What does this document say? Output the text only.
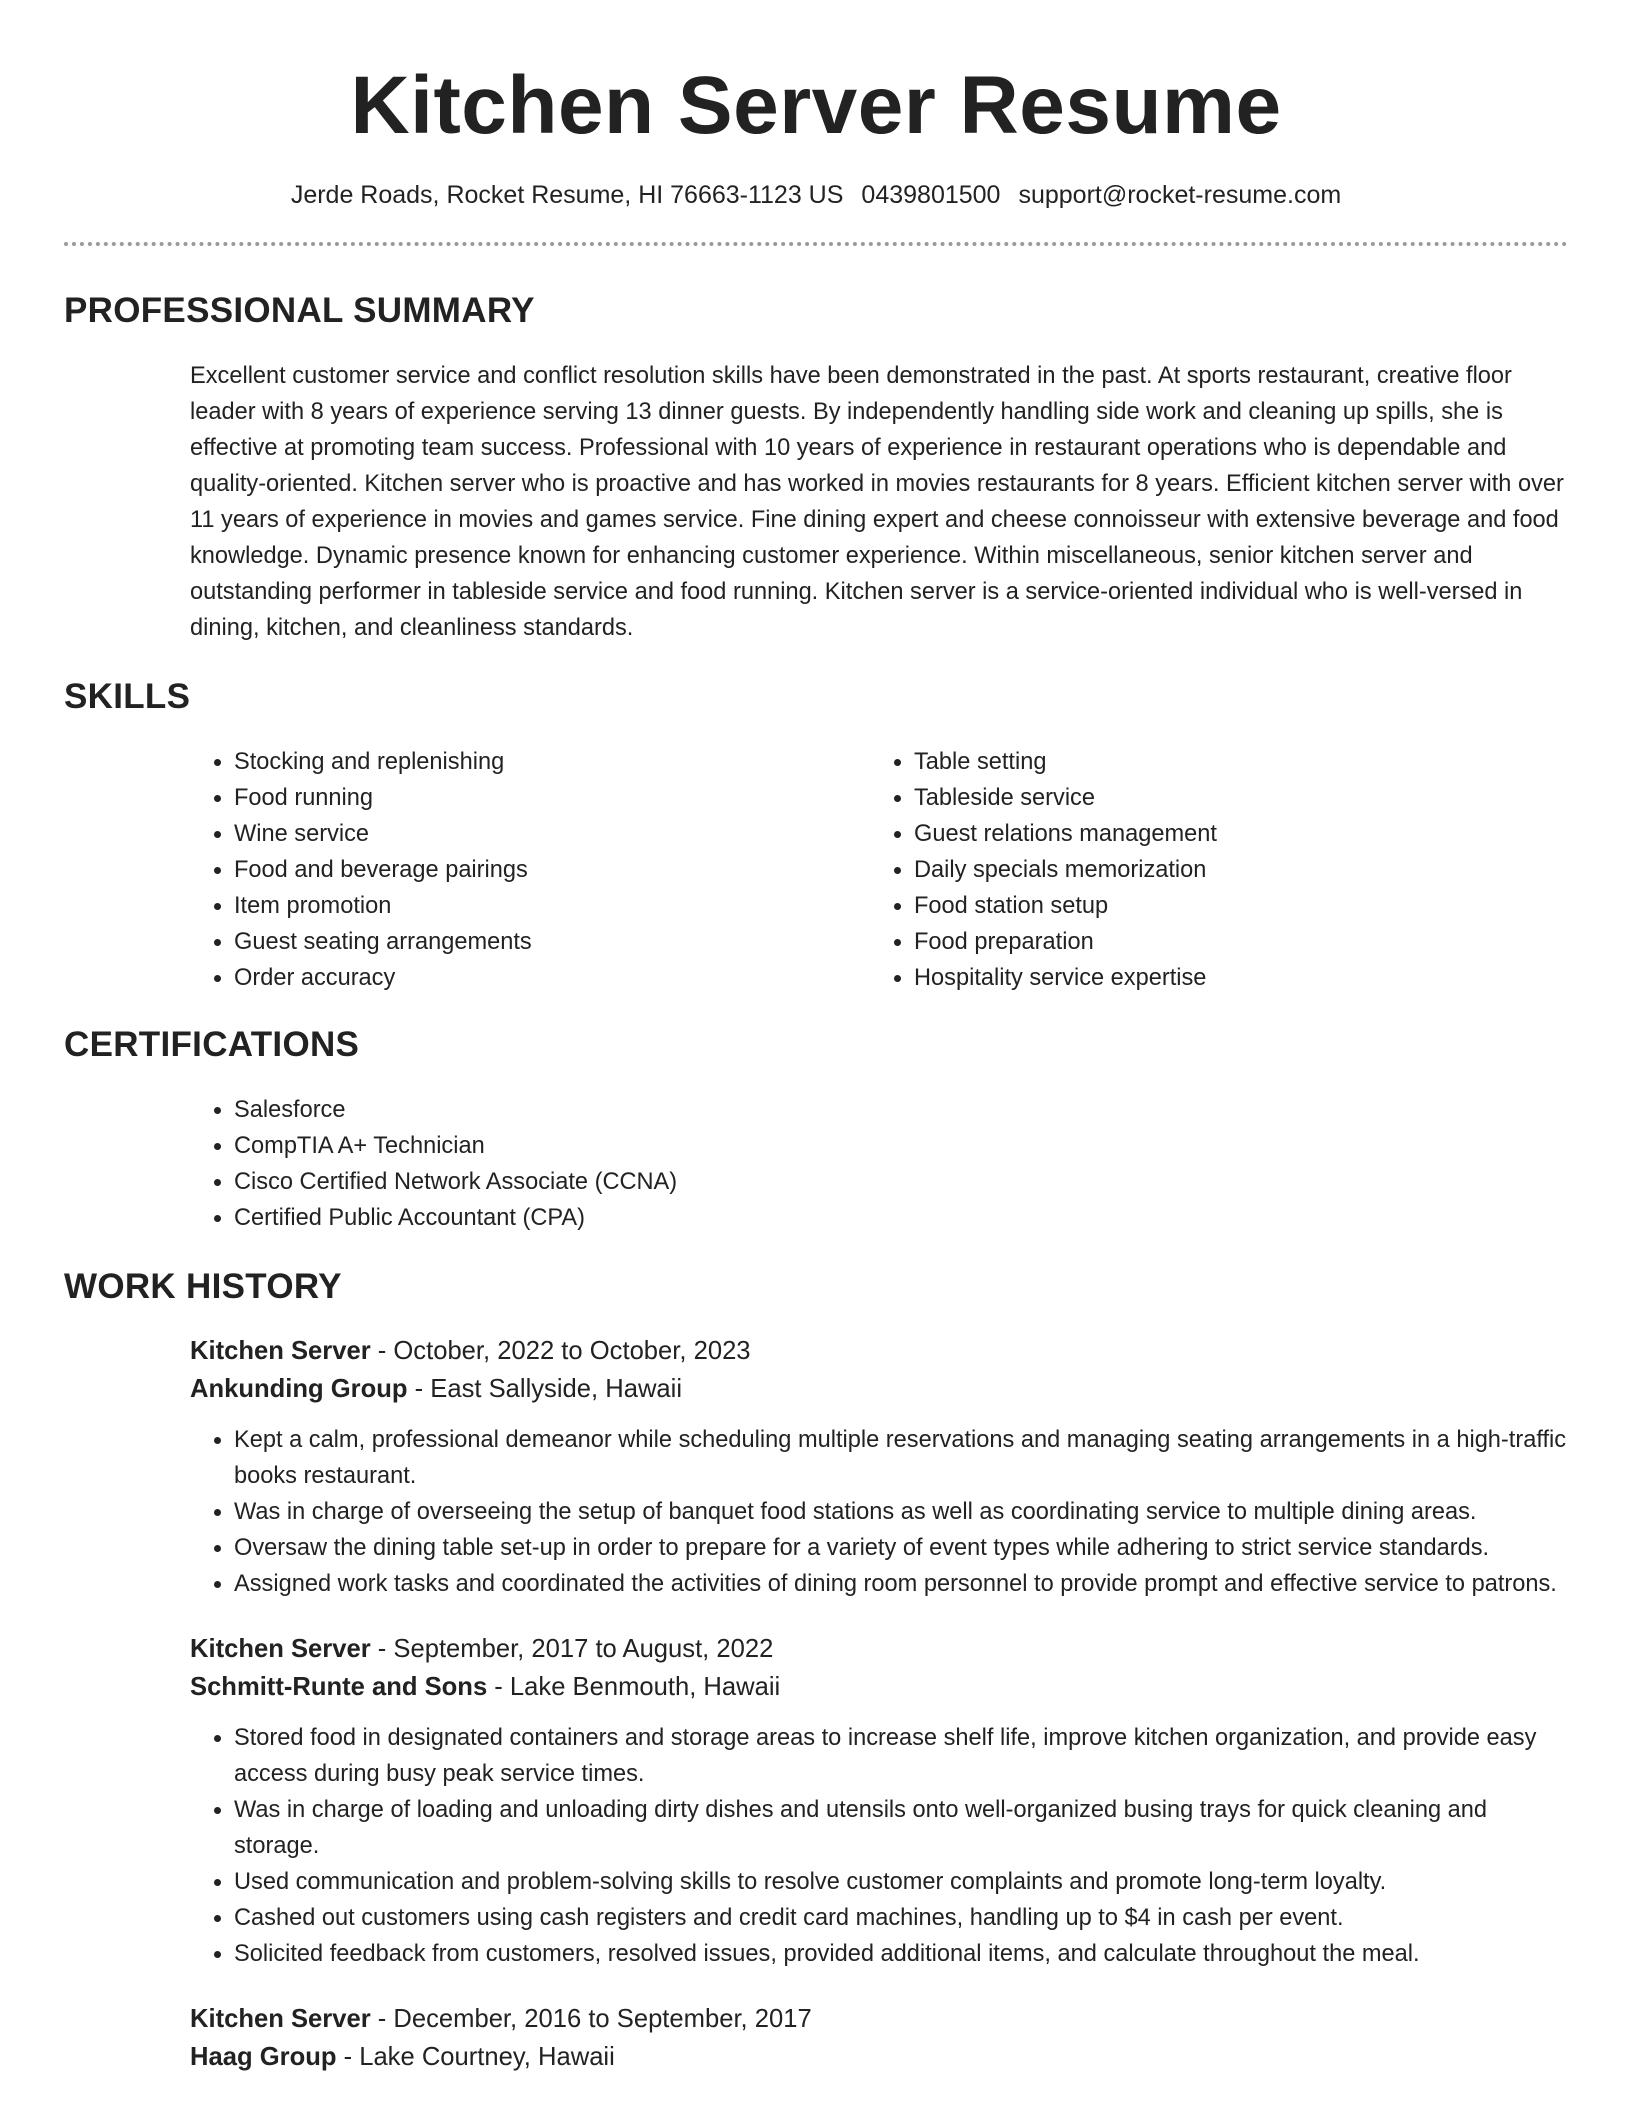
Kitchen Server Resume
Jerde Roads, Rocket Resume, HI 76663-1123 US 0439801500 support@rocket-resume.com
PROFESSIONAL SUMMARY

Excellent customer service and conflict resolution skills have been demonstrated in the past. At sports restaurant, creative floor leader with 8 years of experience serving 13 dinner guests. By independently handling side work and cleaning up spills, she is effective at promoting team success. Professional with 10 years of experience in restaurant operations who is dependable and quality-oriented. Kitchen server who is proactive and has worked in movies restaurants for 8 years. Efficient kitchen server with over 11 years of experience in movies and games service. Fine dining expert and cheese connoisseur with extensive beverage and food knowledge. Dynamic presence known for enhancing customer experience. Within miscellaneous, senior kitchen server and outstanding performer in tableside service and food running. Kitchen server is a service-oriented individual who is well-versed in dining, kitchen, and cleanliness standards.

SKILLS
• Stocking and replenishing
• Food running
• Wine service
• Food and beverage pairings
• Item promotion
• Guest seating arrangements
• Order accuracy
• Table setting
• Tableside service
• Guest relations management
• Daily specials memorization
• Food station setup
• Food preparation
• Hospitality service expertise
CERTIFICATIONS
• Salesforce
• CompTIA A+ Technician
• Cisco Certified Network Associate (CCNA)
• Certified Public Accountant (CPA)
WORK HISTORY
Kitchen Server - October, 2022 to October, 2023
Ankunding Group - East Sallyside, Hawaii
• Kept a calm, professional demeanor while scheduling multiple reservations and managing seating arrangements in a high-traffic books restaurant.
• Was in charge of overseeing the setup of banquet food stations as well as coordinating service to multiple dining areas.
• Oversaw the dining table set-up in order to prepare for a variety of event types while adhering to strict service standards.
• Assigned work tasks and coordinated the activities of dining room personnel to provide prompt and effective service to patrons.
Kitchen Server - September, 2017 to August, 2022
Schmitt-Runte and Sons - Lake Benmouth, Hawaii
• Stored food in designated containers and storage areas to increase shelf life, improve kitchen organization, and provide easy access during busy peak service times.
• Was in charge of loading and unloading dirty dishes and utensils onto well-organized busing trays for quick cleaning and storage.
• Used communication and problem-solving skills to resolve customer complaints and promote long-term loyalty.
• Cashed out customers using cash registers and credit card machines, handling up to $4 in cash per event.
• Solicited feedback from customers, resolved issues, provided additional items, and calculate throughout the meal.
Kitchen Server - December, 2016 to September, 2017
Haag Group - Lake Courtney, Hawaii
